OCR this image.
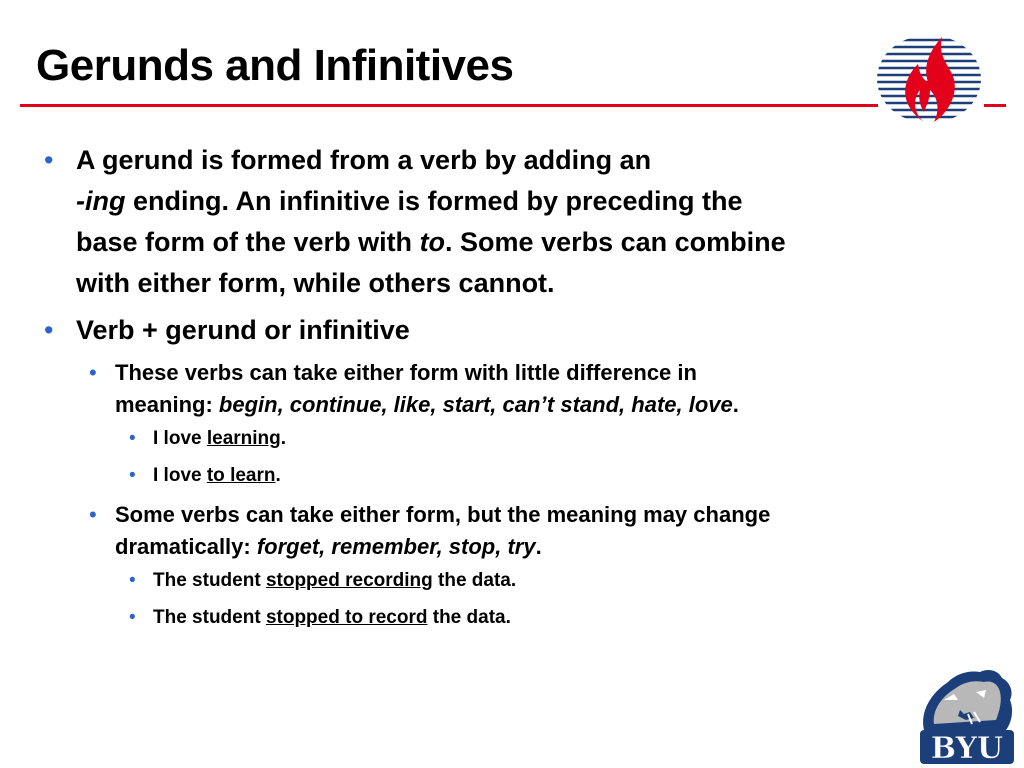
Gerunds and Infinitives
• A gerund is formed from a verb by adding an
-ing ending. An infinitive is formed by preceding the
base form of the verb with to. Some verbs can combine
with either form, while others cannot.
• Verb + gerund or infinitive
• These verbs can take either form with little difference in
meaning: begin, continue, like, start, can’t stand, hate, love.
• I love learning.
• I love to learn.
• Some verbs can take either form, but the meaning may change
dramatically: forget, remember, stop, try.
• The student stopped recording the data.
• The student stopped to record the data.
BYU
